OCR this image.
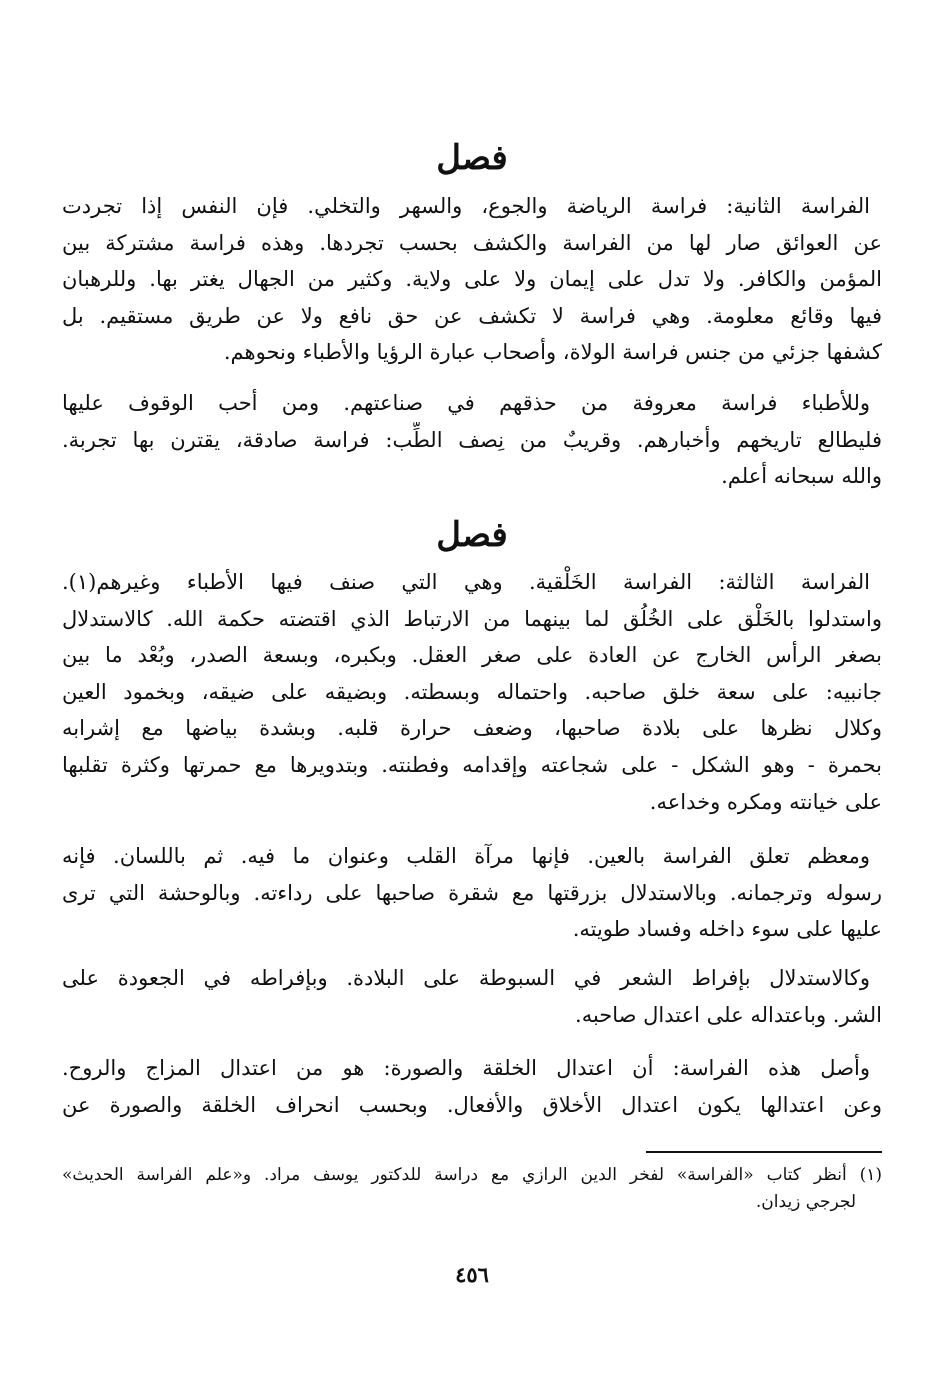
فصل
الفراسة الثانية: فراسة الرياضة والجوع، والسهر والتخلي. فإن النفس إذا تجردت
عن العوائق صار لها من الفراسة والكشف بحسب تجردها. وهذه فراسة مشتركة بين
المؤمن والكافر. ولا تدل على إيمان ولا على ولاية. وكثير من الجهال يغتر بها. وللرهبان
فيها وقائع معلومة. وهي فراسة لا تكشف عن حق نافع ولا عن طريق مستقيم. بل
كشفها جزئي من جنس فراسة الولاة، وأصحاب عبارة الرؤيا والأطباء ونحوهم.
وللأطباء فراسة معروفة من حذقهم في صناعتهم. ومن أحب الوقوف عليها
فليطالع تاريخهم وأخبارهم. وقريبٌ من نِصف الطِّب: فراسة صادقة، يقترن بها تجربة.
والله سبحانه أعلم.
فصل
الفراسة الثالثة: الفراسة الخَلْقية. وهي التي صنف فيها الأطباء وغيرهم(١).
واستدلوا بالخَلْق على الخُلُق لما بينهما من الارتباط الذي اقتضته حكمة الله. كالاستدلال
بصغر الرأس الخارج عن العادة على صغر العقل. وبكبره، وبسعة الصدر، وبُعْد ما بين
جانبيه: على سعة خلق صاحبه. واحتماله وبسطته. وبضيقه على ضيقه، وبخمود العين
وكلال نظرها على بلادة صاحبها، وضعف حرارة قلبه. وبشدة بياضها مع إشرابه
بحمرة - وهو الشكل - على شجاعته وإقدامه وفطنته. وبتدويرها مع حمرتها وكثرة تقلبها
على خيانته ومكره وخداعه.
ومعظم تعلق الفراسة بالعين. فإنها مرآة القلب وعنوان ما فيه. ثم باللسان. فإنه
رسوله وترجمانه. وبالاستدلال بزرقتها مع شقرة صاحبها على رداءته. وبالوحشة التي ترى
عليها على سوء داخله وفساد طويته.
وكالاستدلال بإفراط الشعر في السبوطة على البلادة. وبإفراطه في الجعودة على
الشر. وباعتداله على اعتدال صاحبه.
وأصل هذه الفراسة: أن اعتدال الخلقة والصورة: هو من اعتدال المزاج والروح.
وعن اعتدالها يكون اعتدال الأخلاق والأفعال. وبحسب انحراف الخلقة والصورة عن
(١) أنظر كتاب «الفراسة» لفخر الدين الرازي مع دراسة للدكتور يوسف مراد. و«علم الفراسة الحديث»
لجرجي زيدان.
٤٥٦
